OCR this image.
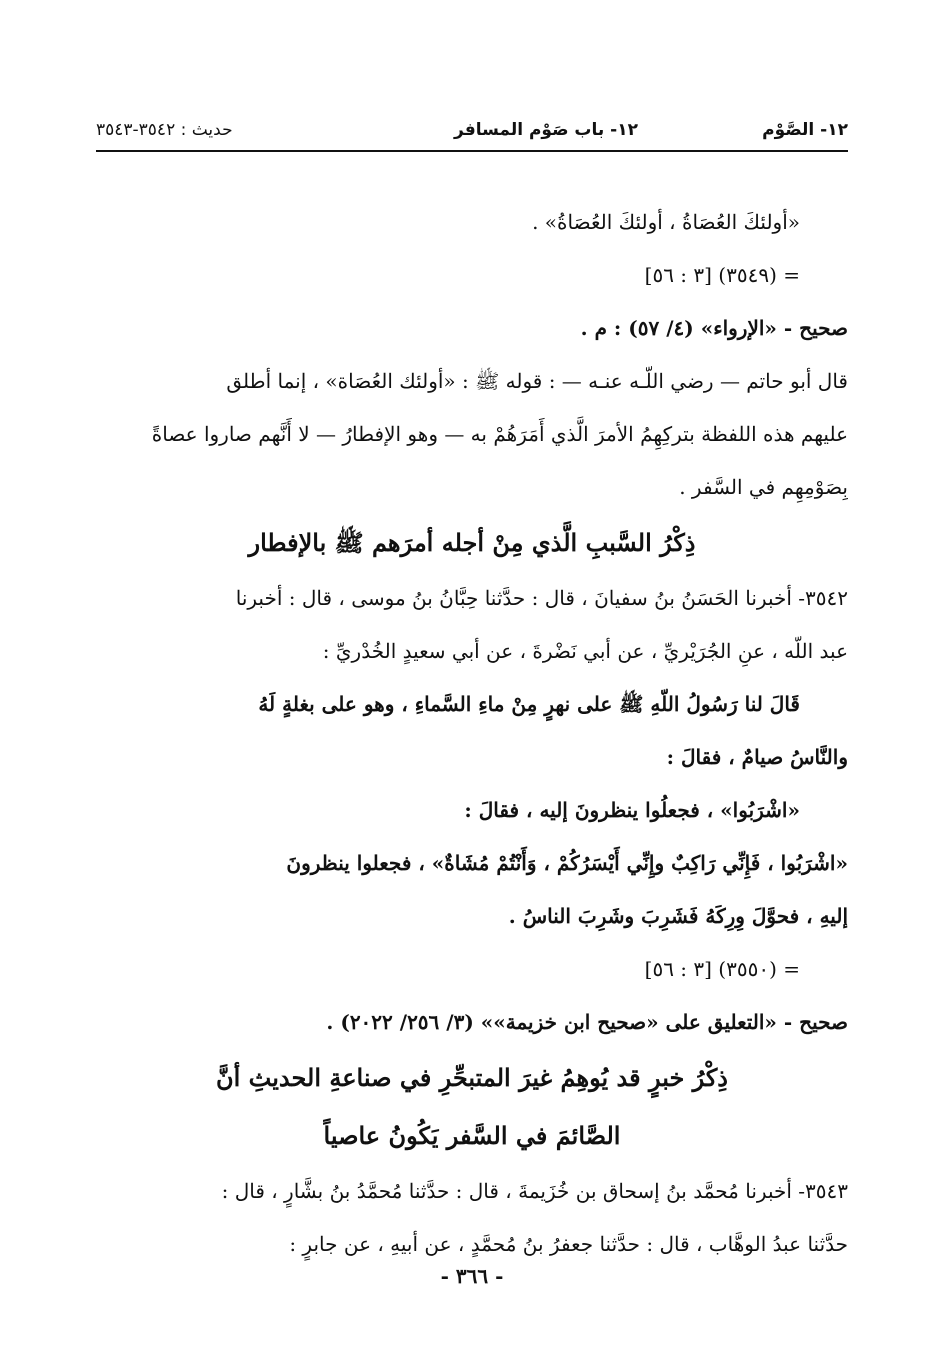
١٢- الصَّوْم
١٢- باب صَوْم المسافر
حديث : ٣٥٤٢-٣٥٤٣
«أولئكَ العُصَاةُ ، أولئكَ العُصَاةُ» .
= (٣٥٤٩) [٣ : ٥٦]
صحيح - «الإرواء» (٤/ ٥٧) : م .
قال أبو حاتم — رضي اللّـه عنـه — : قوله ﷺ : «أولئك العُصَاة» ، إنما أطلق
عليهم هذه اللفظة بتركِهِمُ الأمرَ الَّذي أَمَرَهُمْ به — وهو الإفطارُ — لا أَنَّهم صاروا عصاةً
بِصَوْمِهِم في السَّفر .
ذِكْرُ السَّببِ الَّذي مِنْ أجله أمرَهم ﷺ بالإفطار
٣٥٤٢- أخبرنا الحَسَنُ بنُ سفيانَ ، قال : حدَّثنا حِبَّانُ بنُ موسى ، قال : أخبرنا
عبد اللّه ، عنِ الجُرَيْريِّ ، عن أبي نَضْرةَ ، عن أبي سعيدٍ الخُدْريِّ :
قَالَ لنا رَسُولُ اللّهِ ﷺ على نهرٍ مِنْ ماءِ السَّماءِ ، وهو على بغلةٍ لَهُ
والنَّاسُ صيامٌ ، فقالَ :
«اشْرَبُوا» ، فجعلُوا ينظرونَ إليه ، فقالَ :
«اشْرَبُوا ، فَإِنِّي رَاكِبٌ وإِنِّي أَيْسَرُكُمْ ، وَأَنْتُمْ مُشَاةٌ» ، فجعلوا ينظرونَ
إليهِ ، فحوَّلَ وِرِكَهُ فَشَرِبَ وشَرِبَ الناسُ .
= (٣٥٥٠) [٣ : ٥٦]
صحيح - «التعليق على «صحيح ابن خزيمة»» (٣/ ٢٥٦/ ٢٠٢٢) .
ذِكْرُ خبرٍ قد يُوهِمُ غيرَ المتبحِّرِ في صناعةِ الحديثِ أنَّ
الصَّائمَ في السَّفر يَكُونُ عاصياً
٣٥٤٣- أخبرنا مُحمَّد بنُ إسحاق بن خُزَيمةَ ، قال : حدَّثنا مُحمَّدُ بنُ بشَّارٍ ، قال :
حدَّثنا عبدُ الوهَّاب ، قال : حدَّثنا جعفرُ بنُ مُحمَّدٍ ، عن أبيهِ ، عن جابرٍ :
- ٣٦٦ -
